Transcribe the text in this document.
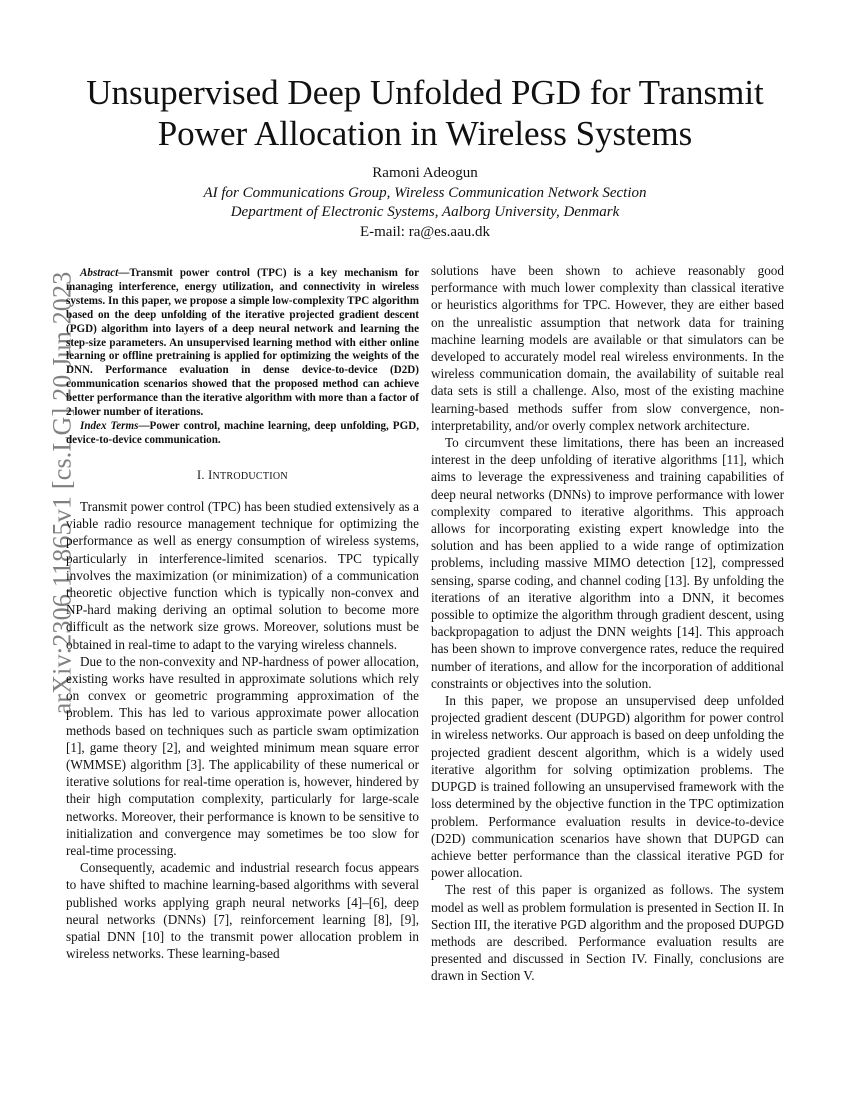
arXiv:2306.11865v1 [cs.LG] 20 Jun 2023
Unsupervised Deep Unfolded PGD for Transmit
Power Allocation in Wireless Systems
Ramoni Adeogun
AI for Communications Group, Wireless Communication Network Section
Department of Electronic Systems, Aalborg University, Denmark
E-mail: ra@es.aau.dk

Abstract—Transmit power control (TPC) is a key mechanism for managing interference, energy utilization, and connectivity in wireless systems. In this paper, we propose a simple low-complexity TPC algorithm based on the deep unfolding of the iterative projected gradient descent (PGD) algorithm into layers of a deep neural network and learning the step-size parameters. An unsupervised learning method with either online learning or offline pretraining is applied for optimizing the weights of the DNN. Performance evaluation in dense device-to-device (D2D) communication scenarios showed that the proposed method can achieve better performance than the iterative algorithm with more than a factor of 2 lower number of iterations.

Index Terms—Power control, machine learning, deep unfolding, PGD, device-to-device communication.

I. INTRODUCTION

Transmit power control (TPC) has been studied extensively as a viable radio resource management technique for optimizing the performance as well as energy consumption of wireless systems, particularly in interference-limited scenarios. TPC typically involves the maximization (or minimization) of a communication theoretic objective function which is typically non-convex and NP-hard making deriving an optimal solution to become more difficult as the network size grows. Moreover, solutions must be obtained in real-time to adapt to the varying wireless channels.

Due to the non-convexity and NP-hardness of power allocation, existing works have resulted in approximate solutions which rely on convex or geometric programming approximation of the problem. This has led to various approximate power allocation methods based on techniques such as particle swam optimization [1], game theory [2], and weighted minimum mean square error (WMMSE) algorithm [3]. The applicability of these numerical or iterative solutions for real-time operation is, however, hindered by their high computation complexity, particularly for large-scale networks. Moreover, their performance is known to be sensitive to initialization and convergence may sometimes be too slow for real-time processing.

Consequently, academic and industrial research focus appears to have shifted to machine learning-based algorithms with several published works applying graph neural networks [4]–[6], deep neural networks (DNNs) [7], reinforcement learning [8], [9], spatial DNN [10] to the transmit power allocation problem in wireless networks. These learning-based

solutions have been shown to achieve reasonably good performance with much lower complexity than classical iterative or heuristics algorithms for TPC. However, they are either based on the unrealistic assumption that network data for training machine learning models are available or that simulators can be developed to accurately model real wireless environments. In the wireless communication domain, the availability of suitable real data sets is still a challenge. Also, most of the existing machine learning-based methods suffer from slow convergence, non-interpretability, and/or overly complex network architecture.

To circumvent these limitations, there has been an increased interest in the deep unfolding of iterative algorithms [11], which aims to leverage the expressiveness and training capabilities of deep neural networks (DNNs) to improve performance with lower complexity compared to iterative algorithms. This approach allows for incorporating existing expert knowledge into the solution and has been applied to a wide range of optimization problems, including massive MIMO detection [12], compressed sensing, sparse coding, and channel coding [13]. By unfolding the iterations of an iterative algorithm into a DNN, it becomes possible to optimize the algorithm through gradient descent, using backpropagation to adjust the DNN weights [14]. This approach has been shown to improve convergence rates, reduce the required number of iterations, and allow for the incorporation of additional constraints or objectives into the solution.

In this paper, we propose an unsupervised deep unfolded projected gradient descent (DUPGD) algorithm for power control in wireless networks. Our approach is based on deep unfolding the projected gradient descent algorithm, which is a widely used iterative algorithm for solving optimization problems. The DUPGD is trained following an unsupervised framework with the loss determined by the objective function in the TPC optimization problem. Performance evaluation results in device-to-device (D2D) communication scenarios have shown that DUPGD can achieve better performance than the classical iterative PGD for power allocation.

The rest of this paper is organized as follows. The system model as well as problem formulation is presented in Section II. In Section III, the iterative PGD algorithm and the proposed DUPGD methods are described. Performance evaluation results are presented and discussed in Section IV. Finally, conclusions are drawn in Section V.
